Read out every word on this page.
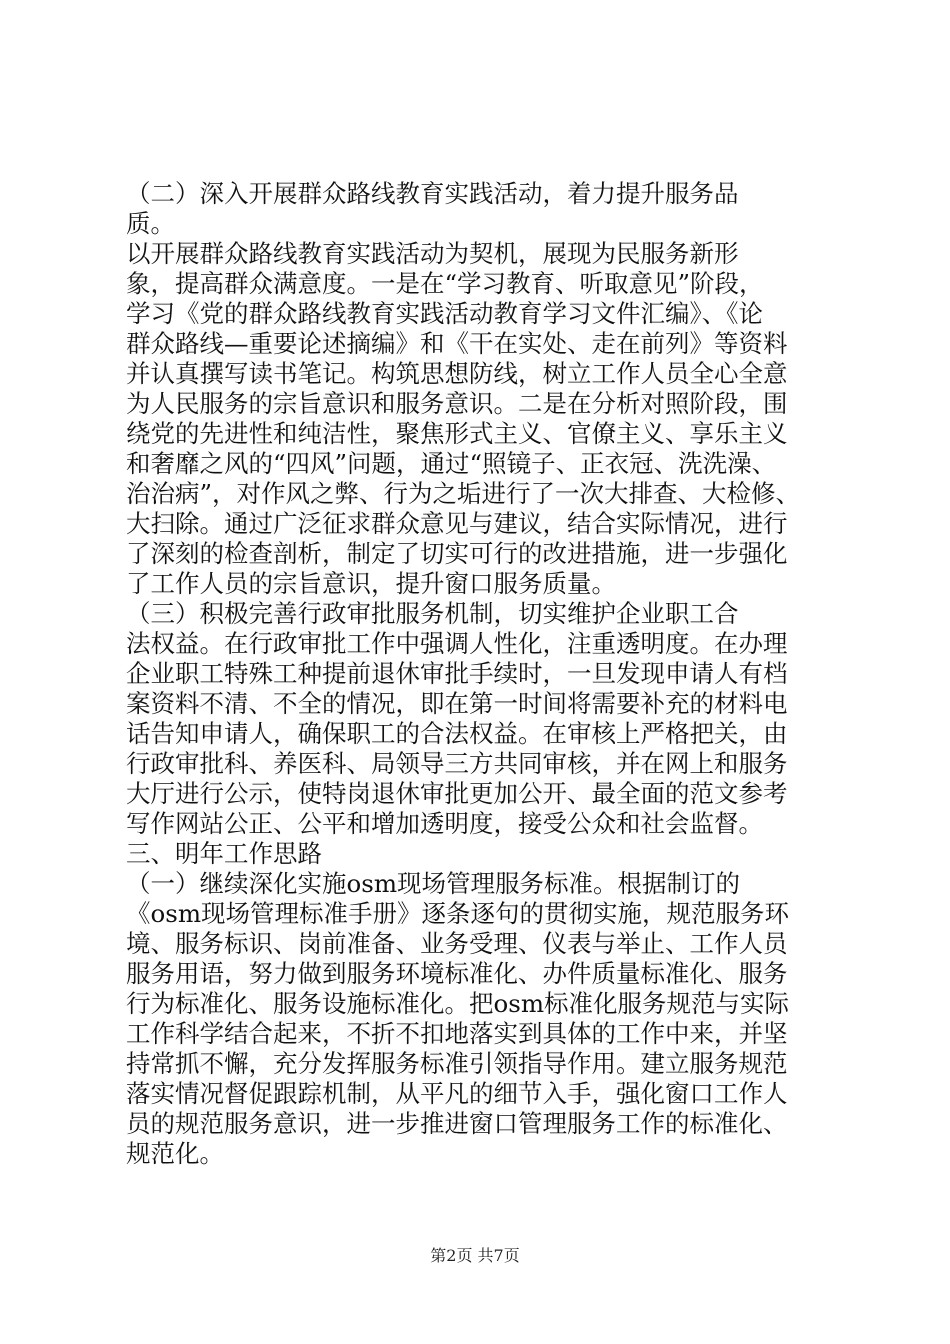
（二）深入开展群众路线教育实践活动，着力提升服务品
质。
以开展群众路线教育实践活动为契机，展现为民服务新形
象，提高群众满意度。一是在“学习教育、听取意见”阶段，
学习《党的群众路线教育实践活动教育学习文件汇编》、《论
群众路线—重要论述摘编》和《干在实处、走在前列》等资料
并认真撰写读书笔记。构筑思想防线，树立工作人员全心全意
为人民服务的宗旨意识和服务意识。二是在分析对照阶段，围
绕党的先进性和纯洁性，聚焦形式主义、官僚主义、享乐主义
和奢靡之风的“四风”问题，通过“照镜子、正衣冠、洗洗澡、
治治病”，对作风之弊、行为之垢进行了一次大排查、大检修、
大扫除。通过广泛征求群众意见与建议，结合实际情况，进行
了深刻的检查剖析，制定了切实可行的改进措施，进一步强化
了工作人员的宗旨意识，提升窗口服务质量。
（三）积极完善行政审批服务机制，切实维护企业职工合
法权益。在行政审批工作中强调人性化，注重透明度。在办理
企业职工特殊工种提前退休审批手续时，一旦发现申请人有档
案资料不清、不全的情况，即在第一时间将需要补充的材料电
话告知申请人，确保职工的合法权益。在审核上严格把关，由
行政审批科、养医科、局领导三方共同审核，并在网上和服务
大厅进行公示，使特岗退休审批更加公开、最全面的范文参考
写作网站公正、公平和增加透明度，接受公众和社会监督。
三、明年工作思路
（一）继续深化实施osm现场管理服务标准。根据制订的
《osm现场管理标准手册》逐条逐句的贯彻实施，规范服务环
境、服务标识、岗前准备、业务受理、仪表与举止、工作人员
服务用语，努力做到服务环境标准化、办件质量标准化、服务
行为标准化、服务设施标准化。把osm标准化服务规范与实际
工作科学结合起来，不折不扣地落实到具体的工作中来，并坚
持常抓不懈，充分发挥服务标准引领指导作用。建立服务规范
落实情况督促跟踪机制，从平凡的细节入手，强化窗口工作人
员的规范服务意识，进一步推进窗口管理服务工作的标准化、
规范化。
第2页 共7页
